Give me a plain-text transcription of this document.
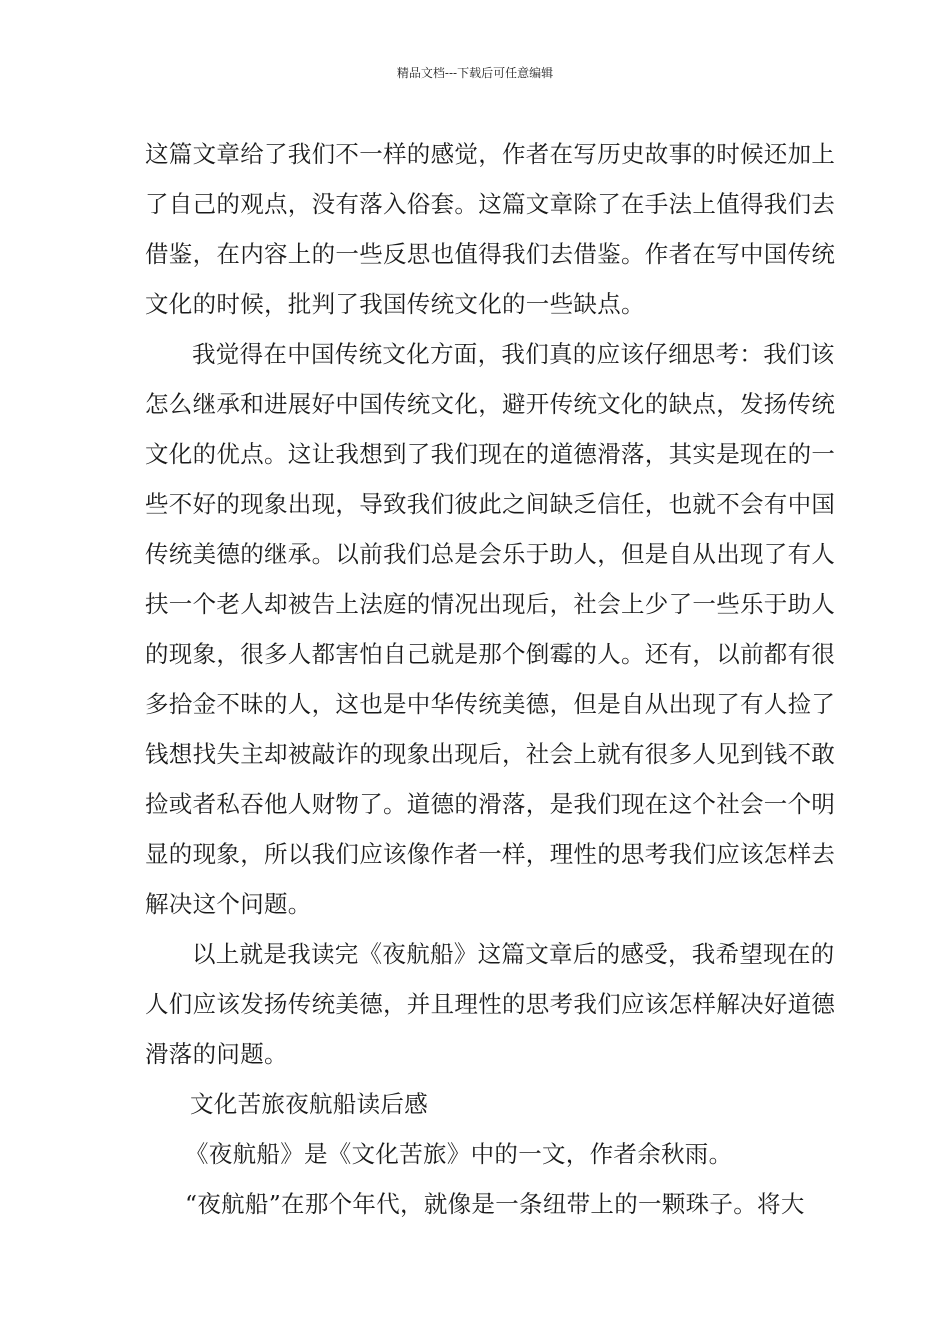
精品文档---下载后可任意编辑
这篇文章给了我们不一样的感觉，作者在写历史故事的时候还加上
了自己的观点，没有落入俗套。这篇文章除了在手法上值得我们去
借鉴，在内容上的一些反思也值得我们去借鉴。作者在写中国传统
文化的时候，批判了我国传统文化的一些缺点。
我觉得在中国传统文化方面，我们真的应该仔细思考：我们该
怎么继承和进展好中国传统文化，避开传统文化的缺点，发扬传统
文化的优点。这让我想到了我们现在的道德滑落，其实是现在的一
些不好的现象出现，导致我们彼此之间缺乏信任，也就不会有中国
传统美德的继承。以前我们总是会乐于助人，但是自从出现了有人
扶一个老人却被告上法庭的情况出现后，社会上少了一些乐于助人
的现象，很多人都害怕自己就是那个倒霉的人。还有，以前都有很
多拾金不昧的人，这也是中华传统美德，但是自从出现了有人捡了
钱想找失主却被敲诈的现象出现后，社会上就有很多人见到钱不敢
捡或者私吞他人财物了。道德的滑落，是我们现在这个社会一个明
显的现象，所以我们应该像作者一样，理性的思考我们应该怎样去
解决这个问题。
以上就是我读完《夜航船》这篇文章后的感受，我希望现在的
人们应该发扬传统美德，并且理性的思考我们应该怎样解决好道德
滑落的问题。
文化苦旅夜航船读后感
《夜航船》是《文化苦旅》中的一文，作者余秋雨。
“夜航船”在那个年代，就像是一条纽带上的一颗珠子。将大
